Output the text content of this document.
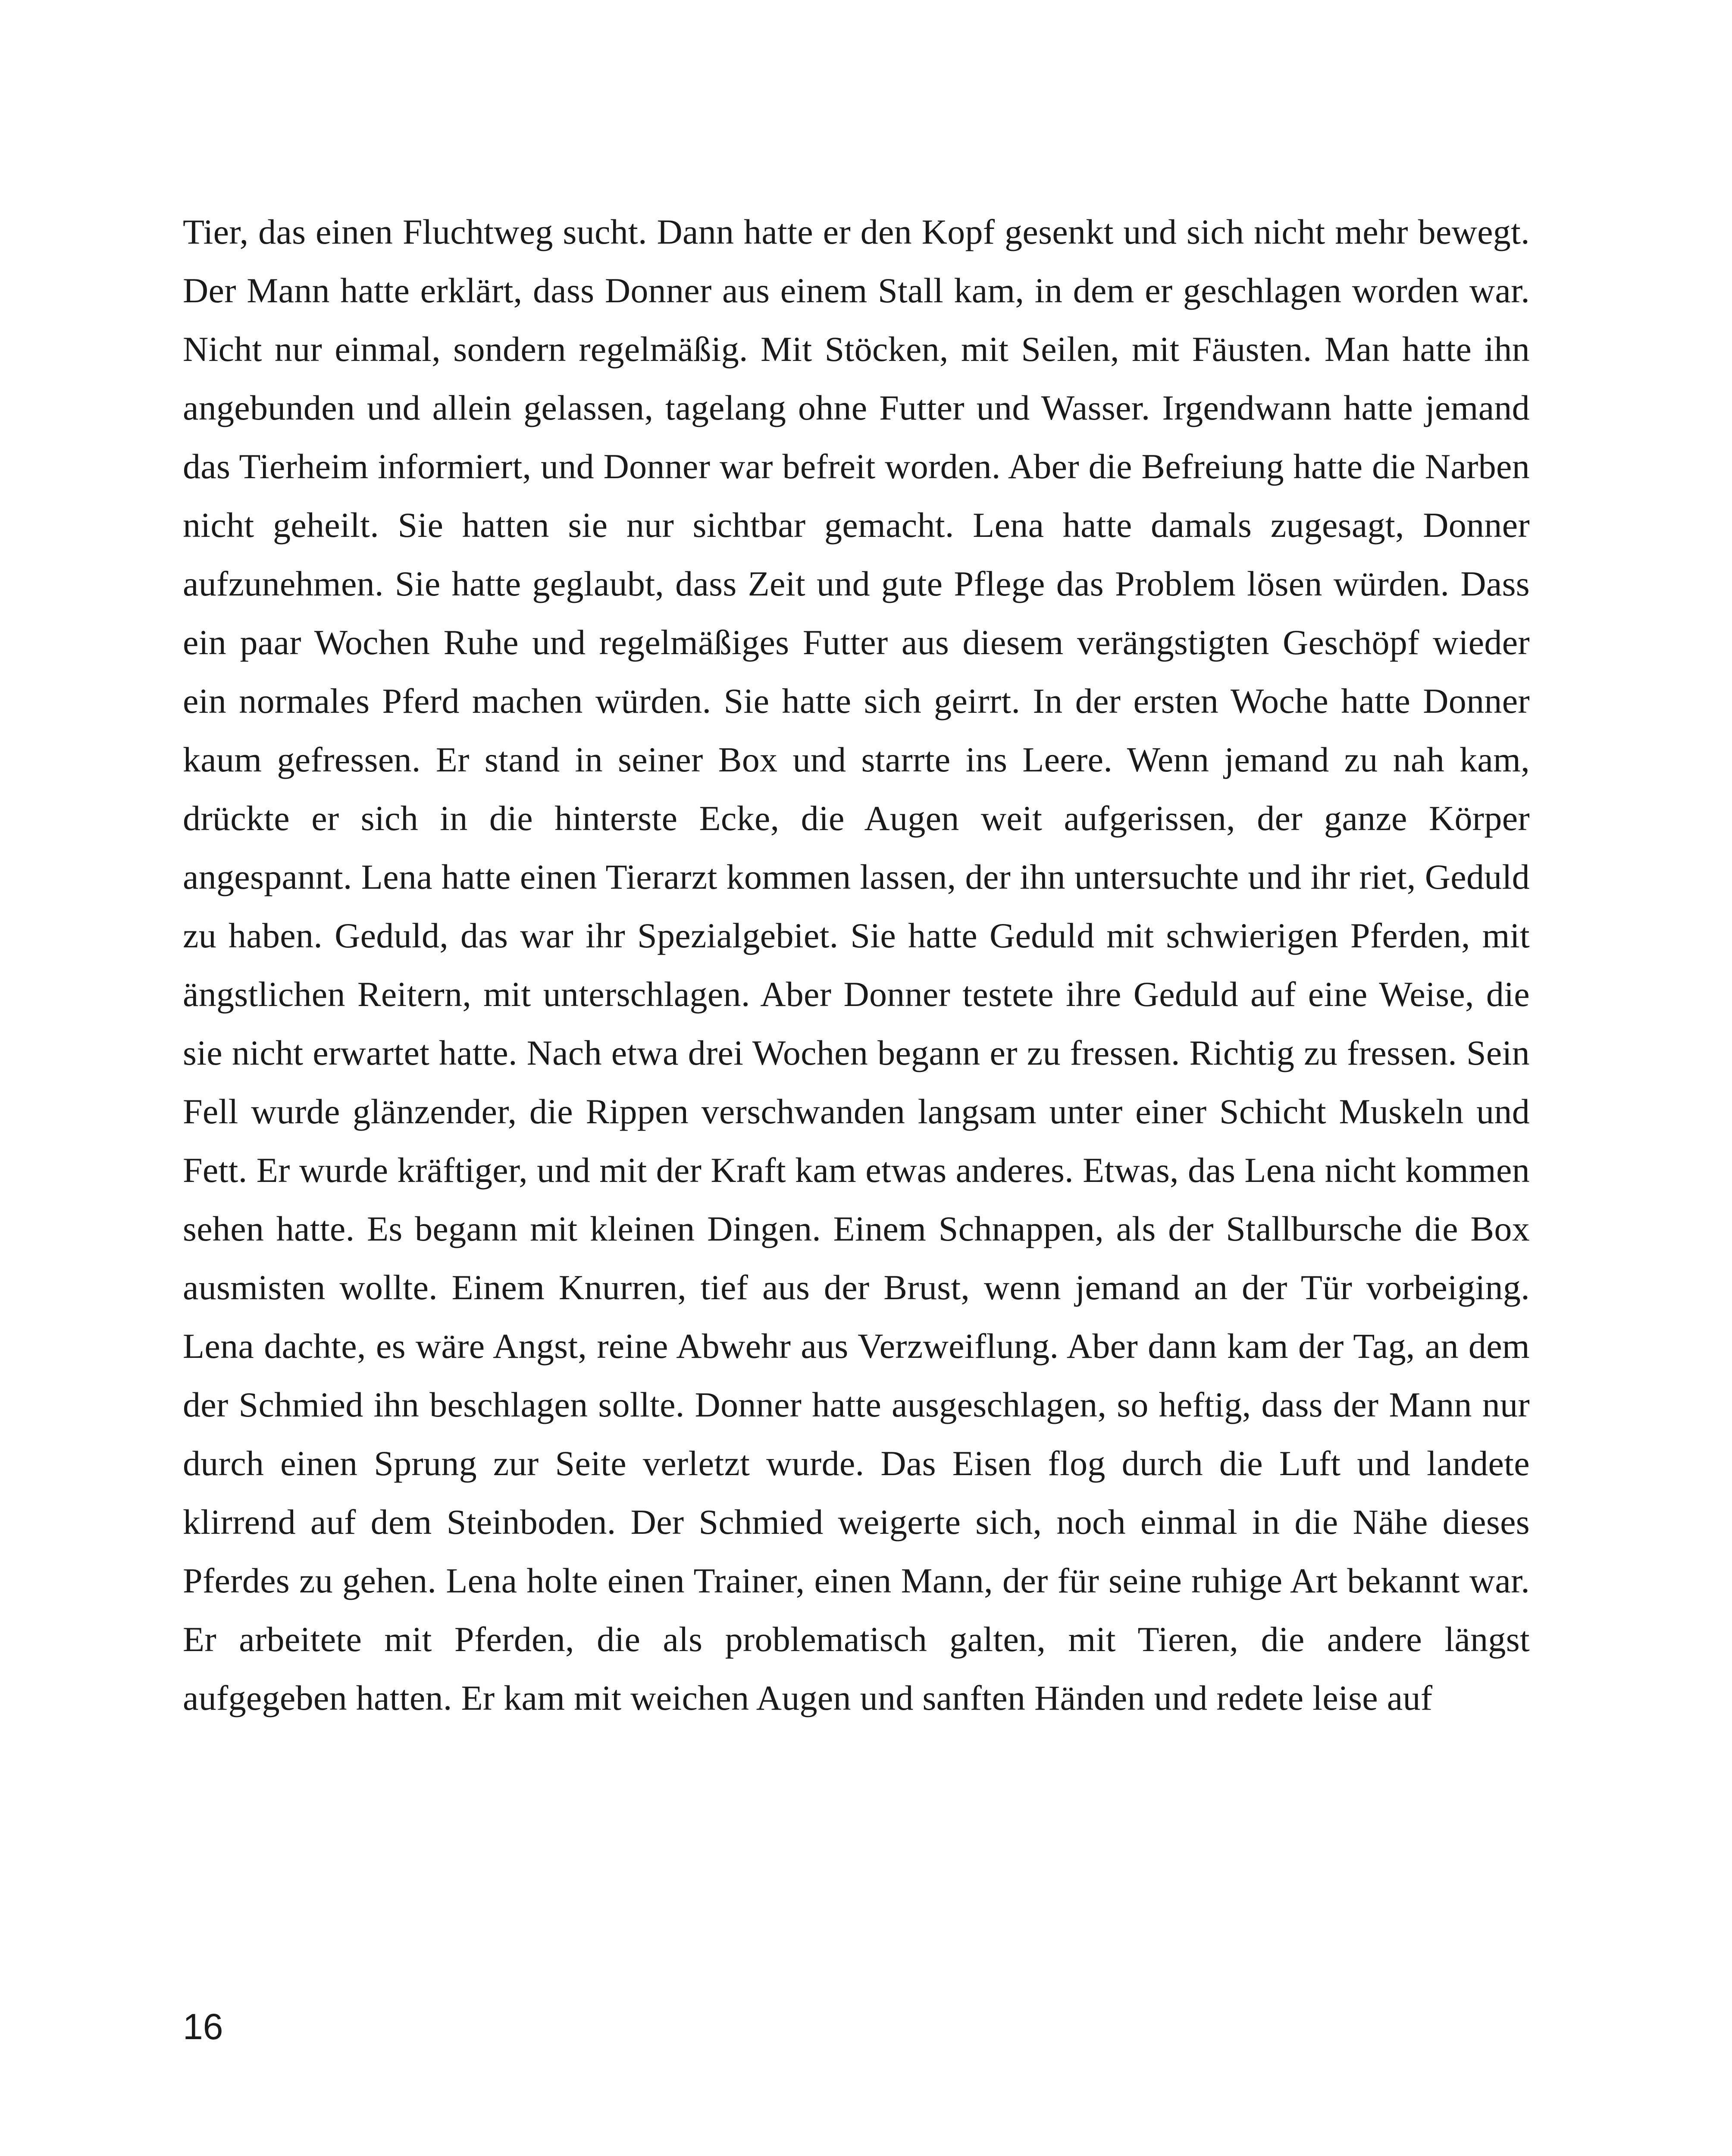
Tier, das einen Fluchtweg sucht. Dann hatte er den Kopf gesenkt und sich nicht mehr bewegt. Der Mann hatte erklärt, dass Donner aus einem Stall kam, in dem er geschlagen worden war. Nicht nur einmal, sondern regelmäßig. Mit Stöcken, mit Seilen, mit Fäusten. Man hatte ihn angebunden und allein gelassen, tagelang ohne Futter und Wasser. Irgendwann hatte jemand das Tierheim informiert, und Donner war befreit worden. Aber die Befreiung hatte die Narben nicht geheilt. Sie hatten sie nur sichtbar gemacht. Lena hatte damals zugesagt, Donner aufzunehmen. Sie hatte geglaubt, dass Zeit und gute Pflege das Problem lösen würden. Dass ein paar Wochen Ruhe und regelmäßiges Futter aus diesem verängstigten Geschöpf wieder ein normales Pferd machen würden. Sie hatte sich geirrt. In der ersten Woche hatte Donner kaum gefressen. Er stand in seiner Box und starrte ins Leere. Wenn jemand zu nah kam, drückte er sich in die hinterste Ecke, die Augen weit aufgerissen, der ganze Körper angespannt. Lena hatte einen Tierarzt kommen lassen, der ihn untersuchte und ihr riet, Geduld zu haben. Geduld, das war ihr Spezialgebiet. Sie hatte Geduld mit schwierigen Pferden, mit ängstlichen Reitern, mit unterschlagen. Aber Donner testete ihre Geduld auf eine Weise, die sie nicht erwartet hatte. Nach etwa drei Wochen begann er zu fressen. Richtig zu fressen. Sein Fell wurde glänzender, die Rippen verschwanden langsam unter einer Schicht Muskeln und Fett. Er wurde kräftiger, und mit der Kraft kam etwas anderes. Etwas, das Lena nicht kommen sehen hatte. Es begann mit kleinen Dingen. Einem Schnappen, als der Stallbursche die Box ausmisten wollte. Einem Knurren, tief aus der Brust, wenn jemand an der Tür vorbeiging. Lena dachte, es wäre Angst, reine Abwehr aus Verzweiflung. Aber dann kam der Tag, an dem der Schmied ihn beschlagen sollte. Donner hatte ausgeschlagen, so heftig, dass der Mann nur durch einen Sprung zur Seite verletzt wurde. Das Eisen flog durch die Luft und landete klirrend auf dem Steinboden. Der Schmied weigerte sich, noch einmal in die Nähe dieses Pferdes zu gehen. Lena holte einen Trainer, einen Mann, der für seine ruhige Art bekannt war. Er arbeitete mit Pferden, die als problematisch galten, mit Tieren, die andere längst aufgegeben hatten. Er kam mit weichen Augen und sanften Händen und redete leise auf

16
